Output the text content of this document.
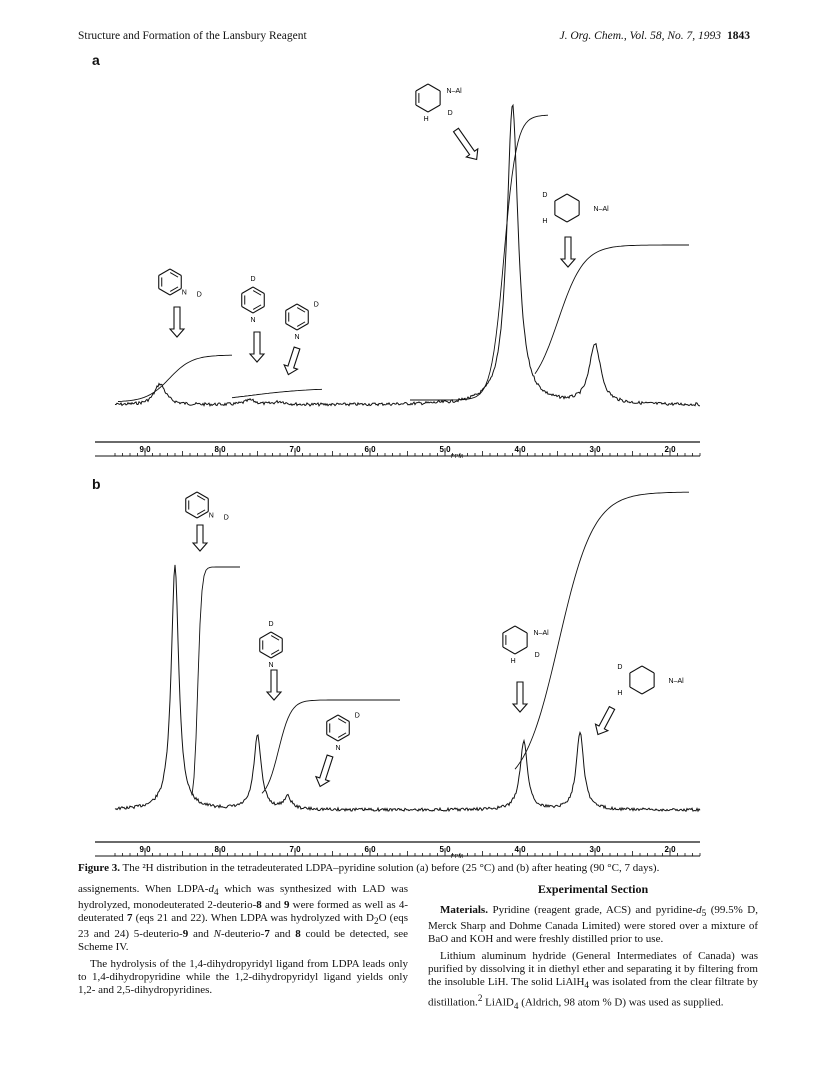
Structure and Formation of the Lansbury Reagent	J. Org. Chem., Vol. 58, No. 7, 1993 1843
a
b
9,0	8,0	7,0	6,0	5,0	4,0	3,0	2,0
PPM
N D
N
D
N
D
N–Al
D
H
N–Al
D
H
9,0	8,0	7,0	6,0	5,0	4,0	3,0	2,0
PPM
N D
N
D
N
D
N–Al
D
H
N–Al
D
H
Figure 3. The ²H distribution in the tetradeuterated LDPA–pyridine solution (a) before (25 °C) and (b) after heating (90 °C, 7 days).

assignements. When LDPA-$d_4$ which was synthesized with LAD was hydrolyzed, monodeuterated 2-deuterio-8 and 9 were formed as well as 4-deuterated 7 (eqs 21 and 22). When LDPA was hydrolyzed with $D_2O$ (eqs 23 and 24) 5-deuterio-9 and N-deuterio-7 and 8 could be detected, see Scheme IV.

The hydrolysis of the 1,4-dihydropyridyl ligand from LDPA leads only to 1,4-dihydropyridine while the 1,2-dihydropyridyl ligand yields only 1,2- and 2,5-dihydropyridines.

Experimental Section

Materials. Pyridine (reagent grade, ACS) and pyridine-$d_5$ (99.5% D, Merck Sharp and Dohme Canada Limited) were stored over a mixture of BaO and KOH and were freshly distilled prior to use.

Lithium aluminum hydride (General Intermediates of Canada) was purified by dissolving it in diethyl ether and separating it by filtering from the insoluble LiH. The solid LiAlH$_4$ was isolated from the clear filtrate by distillation.$^2$ LiAlD$_4$ (Aldrich, 98 atom % D) was used as supplied.
